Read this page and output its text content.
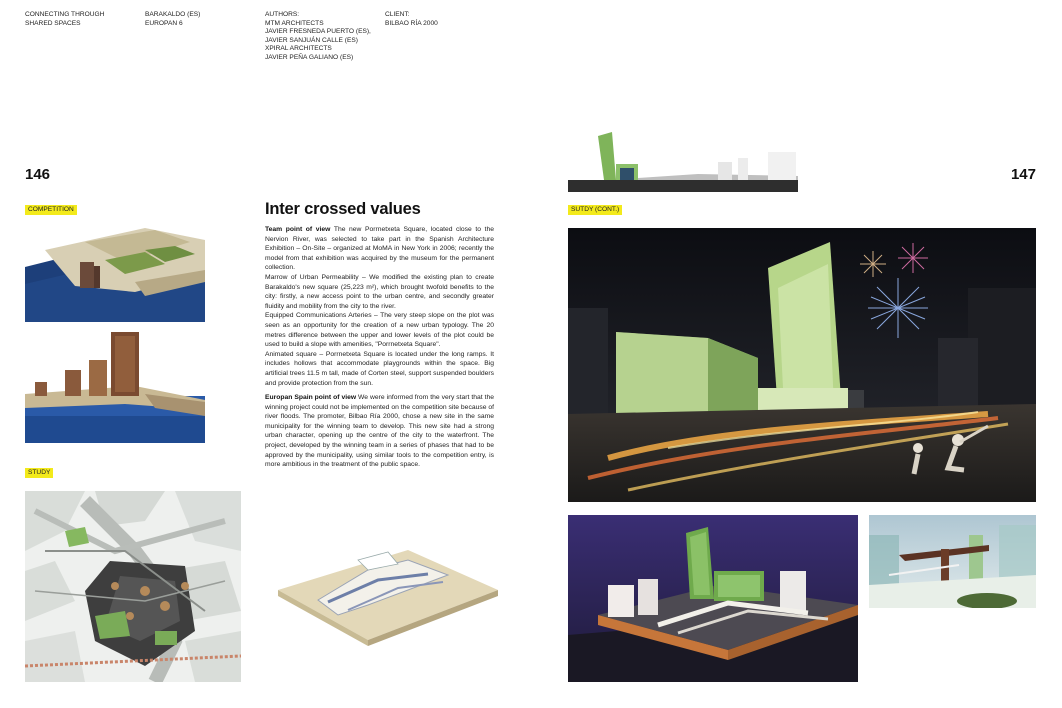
CONNECTING THROUGH
SHARED SPACES
BARAKALDO (ES)
EUROPAN 6
AUTHORS:
MTM ARCHITECTS
JAVIER FRESNEDA PUERTO (ES),
JAVIER SANJUÁN CALLE (ES)
XPIRAL ARCHITECTS
JAVIER PEÑA GALIANO (ES)
CLIENT:
BILBAO RÍA 2000
146	147
COMPETITION
STUDY
SUTDY (CONT.)
Inter crossed values

Team point of view The new Porrnetxeta Square, located close to the Nervion River, was selected to take part in the Spanish Architecture Exhibition – On-Site – organized at MoMA in New York in 2006; recently the model from that exhibition was acquired by the museum for the permanent collection.

Marrow of Urban Permeability – We modified the existing plan to create Barakaldo's new square (25,223 m²), which brought twofold benefits to the city: firstly, a new access point to the urban centre, and secondly greater fluidity and mobility from the city to the river.

Equipped Communications Arteries – The very steep slope on the plot was seen as an opportunity for the creation of a new urban typology. The 20 metres difference between the upper and lower levels of the plot could be used to build a slope with amenities, "Porrnetxeta Square".

Animated square – Porrnetxeta Square is located under the long ramps. It includes hollows that accommodate playgrounds within the space. Big artificial trees 11.5 m tall, made of Corten steel, support suspended boulders and provide protection from the sun.

Europan Spain point of view We were informed from the very start that the winning project could not be implemented on the competition site because of river floods. The promoter, Bilbao Ría 2000, chose a new site in the same municipality for the winning team to develop. This new site had a strong urban character, opening up the centre of the city to the waterfront. The project, developed by the winning team in a series of phases that had to be approved by the municipality, using similar tools to the competition entry, is more ambitious in the treatment of the public space.
